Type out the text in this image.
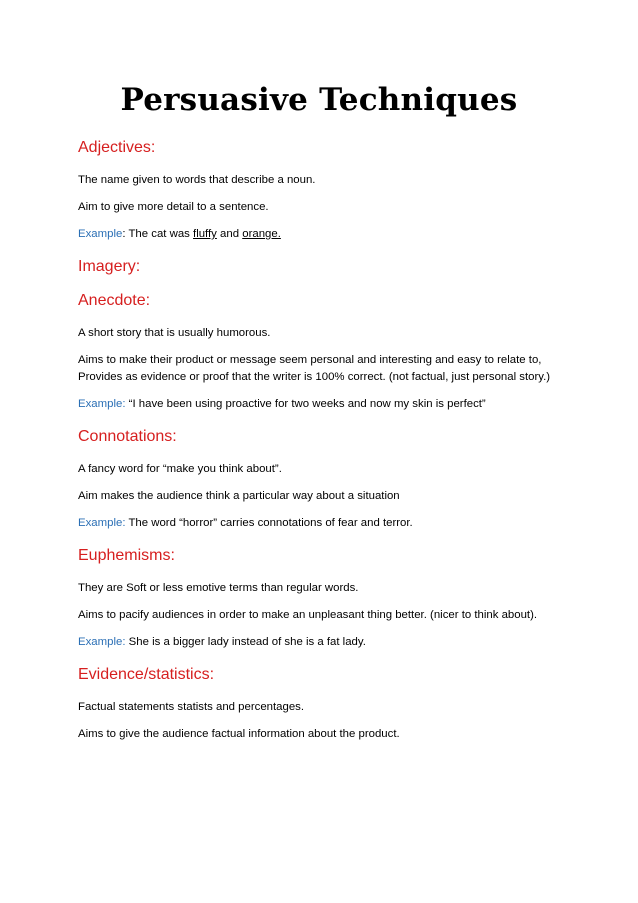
Persuasive Techniques
Adjectives:
The name given to words that describe a noun.
Aim to give more detail to a sentence.
Example: The cat was fluffy and orange.
Imagery:
Anecdote:
A short story that is usually humorous.
Aims to make their product or message seem personal and interesting and easy to relate to, Provides as evidence or proof that the writer is 100% correct. (not factual, just personal story.)
Example: “I have been using proactive for two weeks and now my skin is perfect”
Connotations:
A fancy word for “make you think about”.
Aim makes the audience think a particular way about a situation
Example: The word “horror” carries connotations of fear and terror.
Euphemisms:
They are Soft or less emotive terms than regular words.
Aims to pacify audiences in order to make an unpleasant thing better. (nicer to think about).
Example: She is a bigger lady instead of she is a fat lady.
Evidence/statistics:
Factual statements statists and percentages.
Aims to give the audience factual information about the product.
